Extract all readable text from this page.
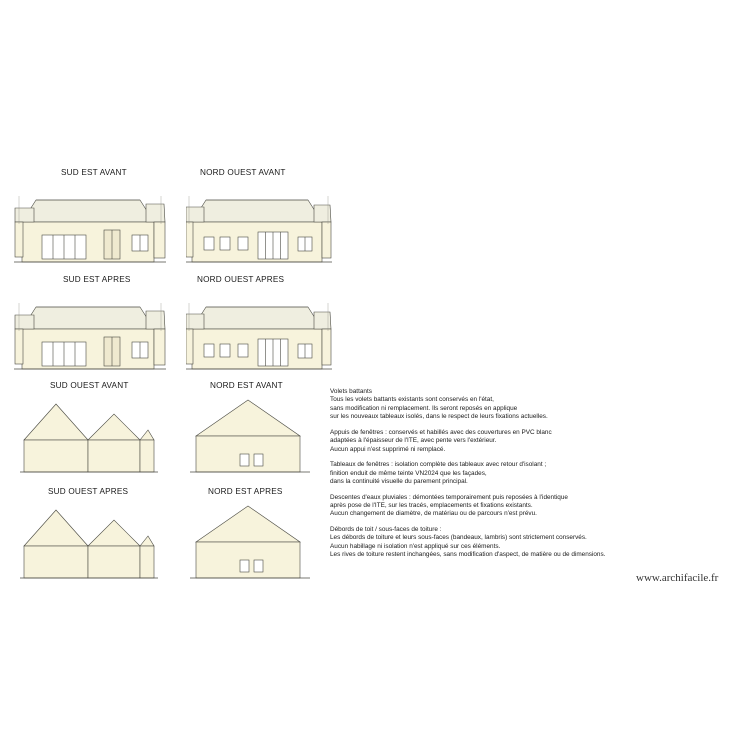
SUD EST AVANT	NORD OUEST AVANT
SUD EST APRES	NORD OUEST APRES
SUD OUEST AVANT	NORD EST AVANT
SUD OUEST APRES	NORD EST APRES
Volets battants
Tous les volets battants existants sont conservés en l'état,
sans modification ni remplacement. Ils seront reposés en applique
sur les nouveaux tableaux isolés, dans le respect de leurs fixations actuelles.
Appuis de fenêtres : conservés et habillés avec des couvertures en PVC blanc
adaptées à l'épaisseur de l'ITE, avec pente vers l'extérieur.
Aucun appui n'est supprimé ni remplacé.
Tableaux de fenêtres : isolation complète des tableaux avec retour d'isolant ;
finition enduit de même teinte VN2024 que les façades,
dans la continuité visuelle du parement principal.
Descentes d'eaux pluviales : démontées temporairement puis reposées à l'identique
après pose de l'ITE, sur les tracés, emplacements et fixations existants.
Aucun changement de diamètre, de matériau ou de parcours n'est prévu.
Débords de toit / sous-faces de toiture :
Les débords de toiture et leurs sous-faces (bandeaux, lambris) sont strictement conservés.
Aucun habillage ni isolation n'est appliqué sur ces éléments.
Les rives de toiture restent inchangées, sans modification d'aspect, de matière ou de dimensions.
www.archifacile.fr
